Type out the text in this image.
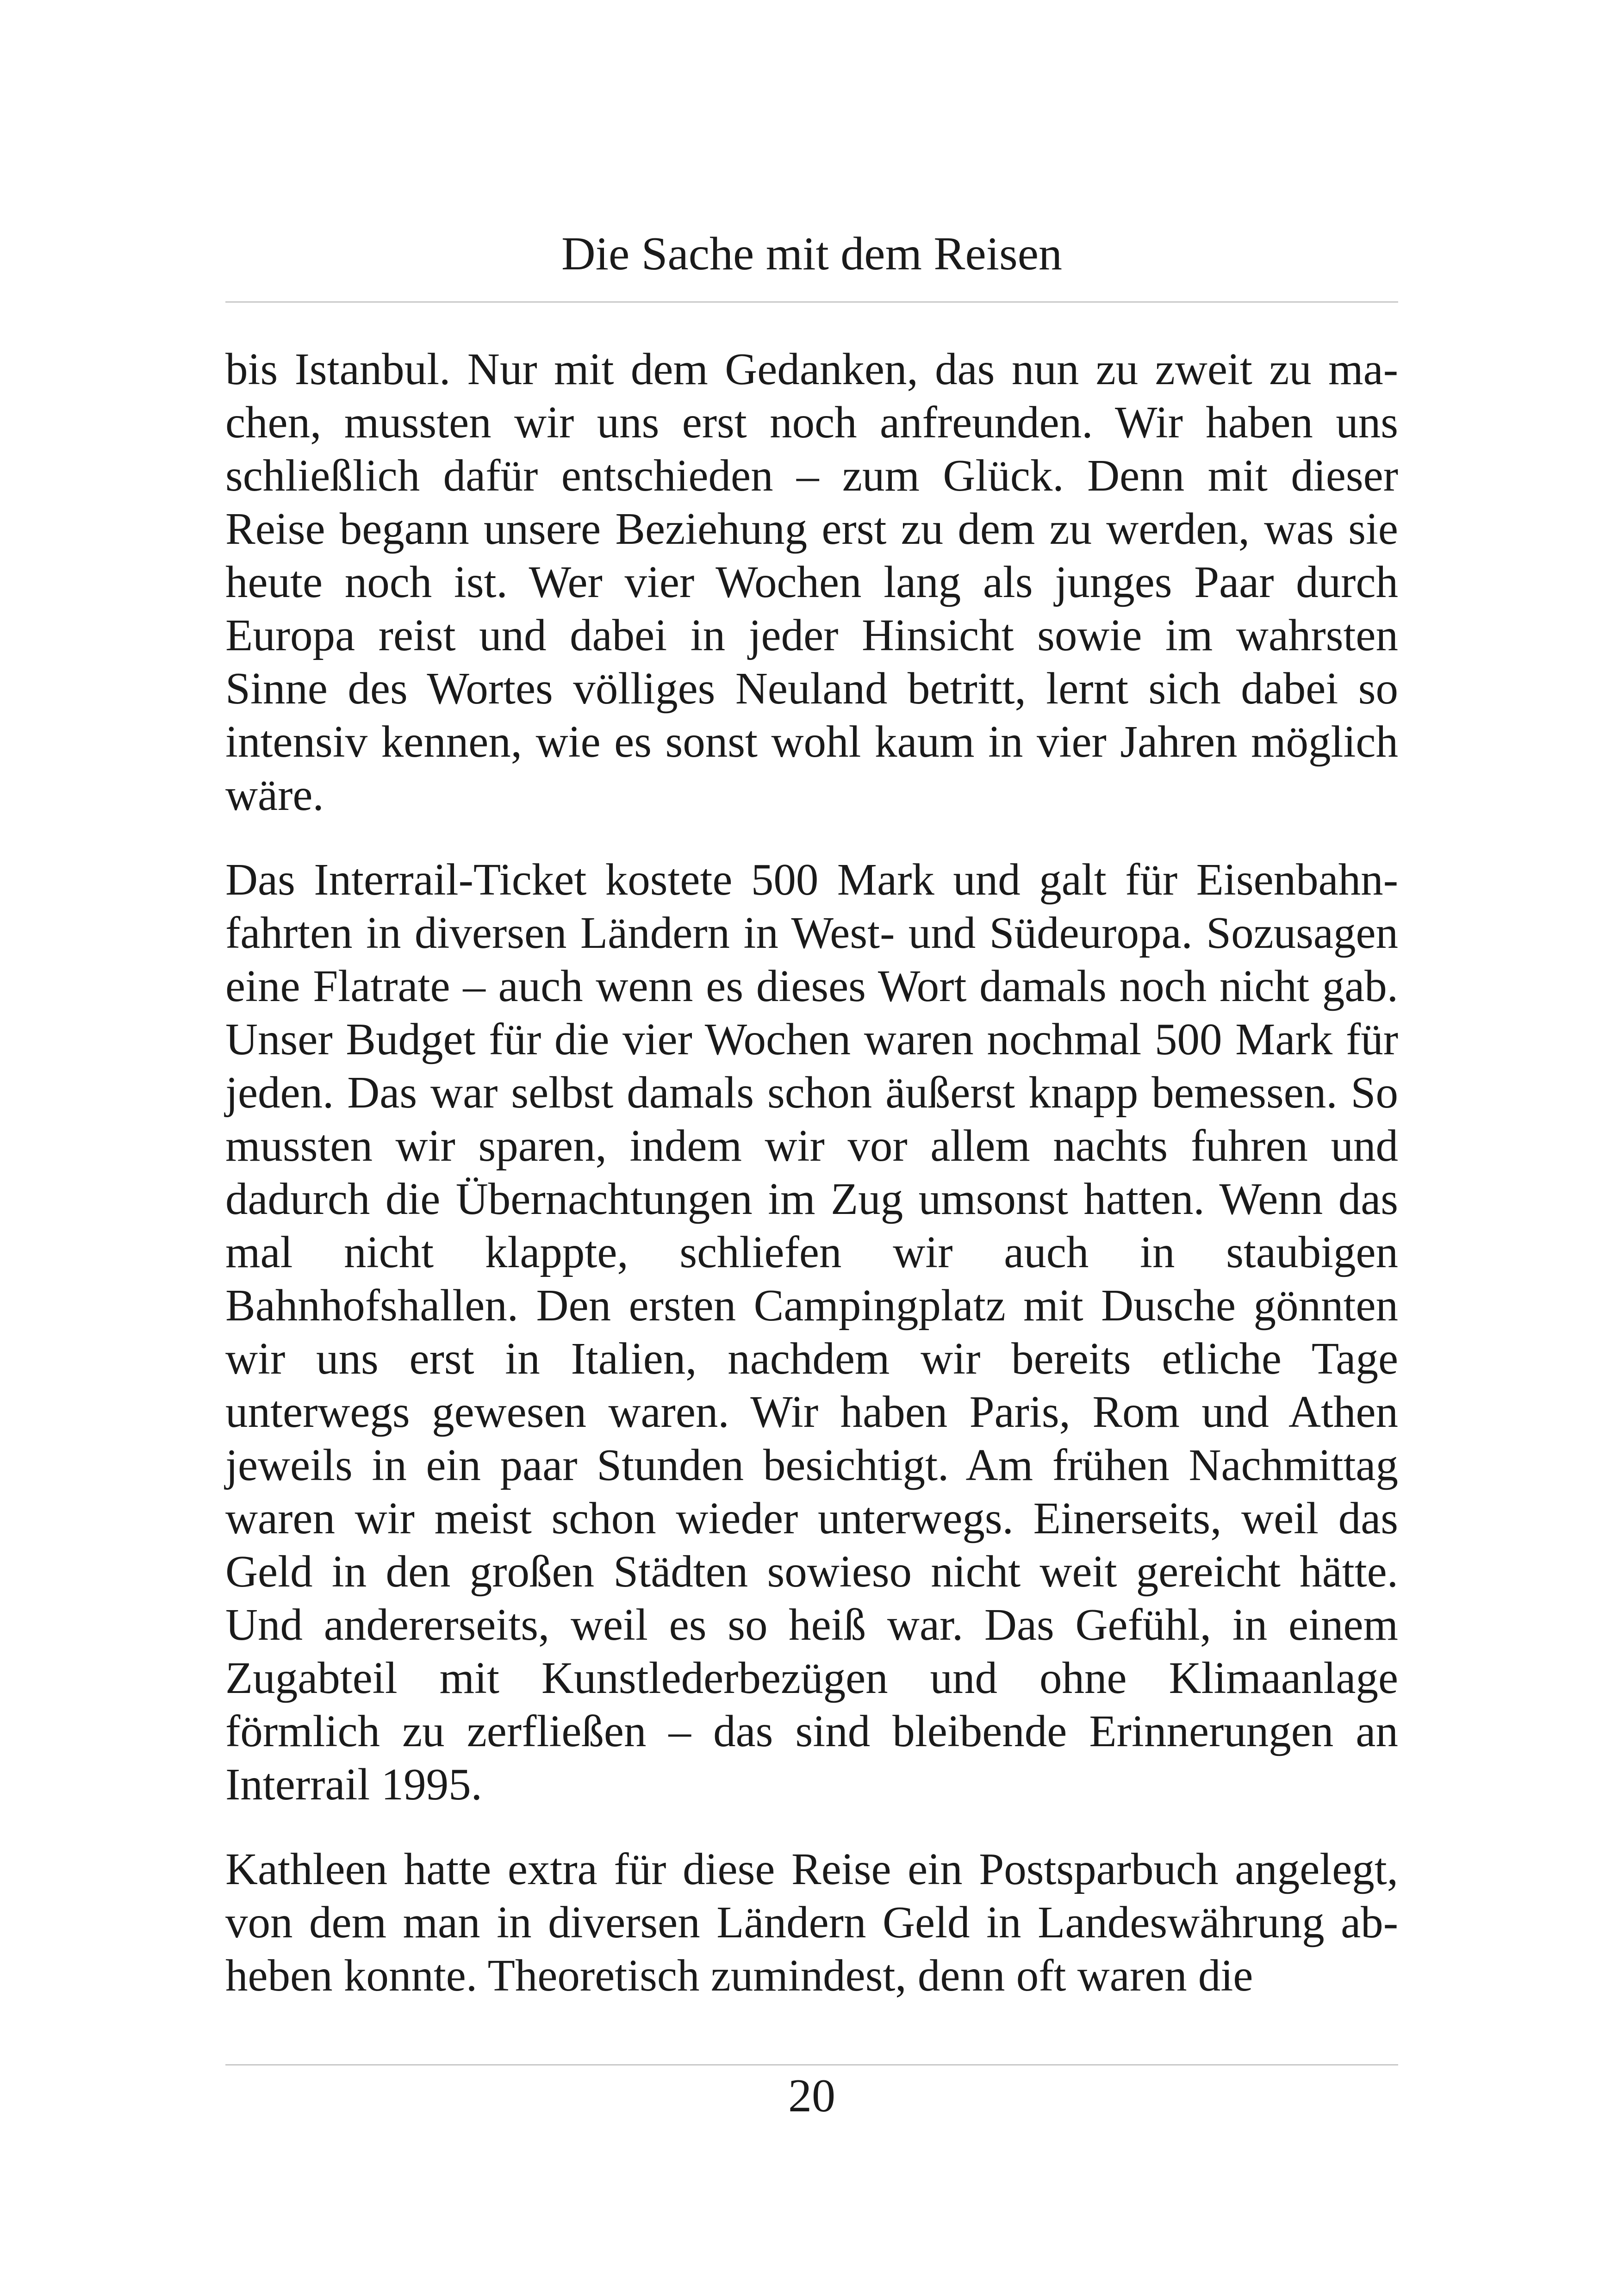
Die Sache mit dem Reisen

bis Istanbul. Nur mit dem Gedanken, das nun zu zweit zu machen, mussten wir uns erst noch anfreunden. Wir haben uns schließlich dafür entschieden – zum Glück. Denn mit dieser Reise begann unsere Beziehung erst zu dem zu werden, was sie heute noch ist. Wer vier Wochen lang als junges Paar durch Europa reist und dabei in jeder Hinsicht sowie im wahrsten Sinne des Wortes völliges Neuland betritt, lernt sich dabei so intensiv kennen, wie es sonst wohl kaum in vier Jahren möglich wäre.

Das Interrail-Ticket kostete 500 Mark und galt für Eisenbahnfahrten in diversen Ländern in West- und Südeuropa. Sozusagen eine Flatrate – auch wenn es dieses Wort damals noch nicht gab. Unser Budget für die vier Wochen waren nochmal 500 Mark für jeden. Das war selbst damals schon äußerst knapp bemessen. So mussten wir sparen, indem wir vor allem nachts fuhren und dadurch die Übernachtungen im Zug umsonst hatten. Wenn das mal nicht klappte, schliefen wir auch in staubigen Bahnhofshallen. Den ersten Campingplatz mit Dusche gönnten wir uns erst in Italien, nachdem wir bereits etliche Tage unterwegs gewesen waren. Wir haben Paris, Rom und Athen jeweils in ein paar Stunden besichtigt. Am frühen Nachmittag waren wir meist schon wieder unterwegs. Einerseits, weil das Geld in den großen Städten sowieso nicht weit gereicht hätte. Und andererseits, weil es so heiß war. Das Gefühl, in einem Zugabteil mit Kunstlederbezügen und ohne Klimaanlage förmlich zu zerfließen – das sind bleibende Erinnerungen an Interrail 1995.

Kathleen hatte extra für diese Reise ein Postsparbuch angelegt, von dem man in diversen Ländern Geld in Landeswährung abheben konnte. Theoretisch zumindest, denn oft waren die

20
